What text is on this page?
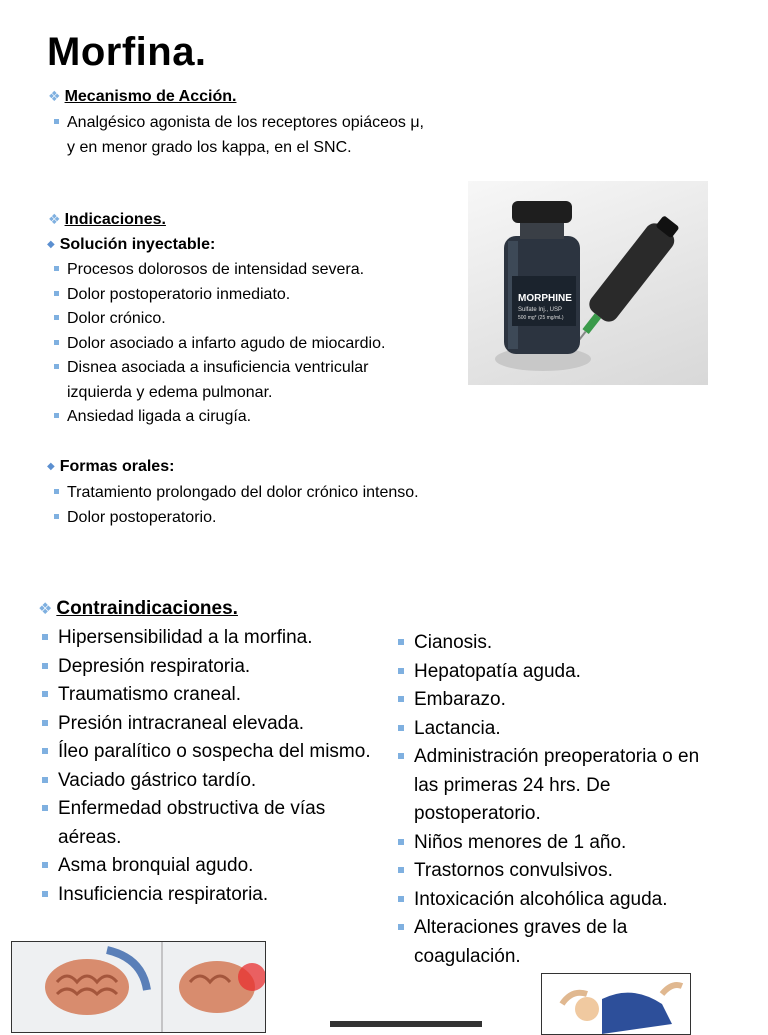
Morfina.
❖ Mecanismo de Acción.
Analgésico agonista de los receptores opiáceos μ, y en menor grado los kappa, en el SNC.
❖ Indicaciones.
◆ Solución inyectable:
Procesos dolorosos de intensidad severa.
Dolor postoperatorio inmediato.
Dolor crónico.
Dolor asociado a infarto agudo de miocardio.
Disnea asociada a insuficiencia ventricular izquierda y edema pulmonar.
Ansiedad ligada a cirugía.
◆ Formas orales:
Tratamiento prolongado del dolor crónico intenso.
Dolor postoperatorio.
MORPHINE
Sulfate Inj., USP
500 mg* (25 mg/mL)
❖ Contraindicaciones.
Hipersensibilidad a la morfina.
Depresión respiratoria.
Traumatismo craneal.
Presión intracraneal elevada.
Íleo paralítico o sospecha del mismo.
Vaciado gástrico tardío.
Enfermedad obstructiva de vías aéreas.
Asma bronquial agudo.
Insuficiencia respiratoria.
Cianosis.
Hepatopatía aguda.
Embarazo.
Lactancia.
Administración preoperatoria o en las primeras 24 hrs. De postoperatorio.
Niños menores de 1 año.
Trastornos convulsivos.
Intoxicación alcohólica aguda.
Alteraciones graves de la coagulación.
